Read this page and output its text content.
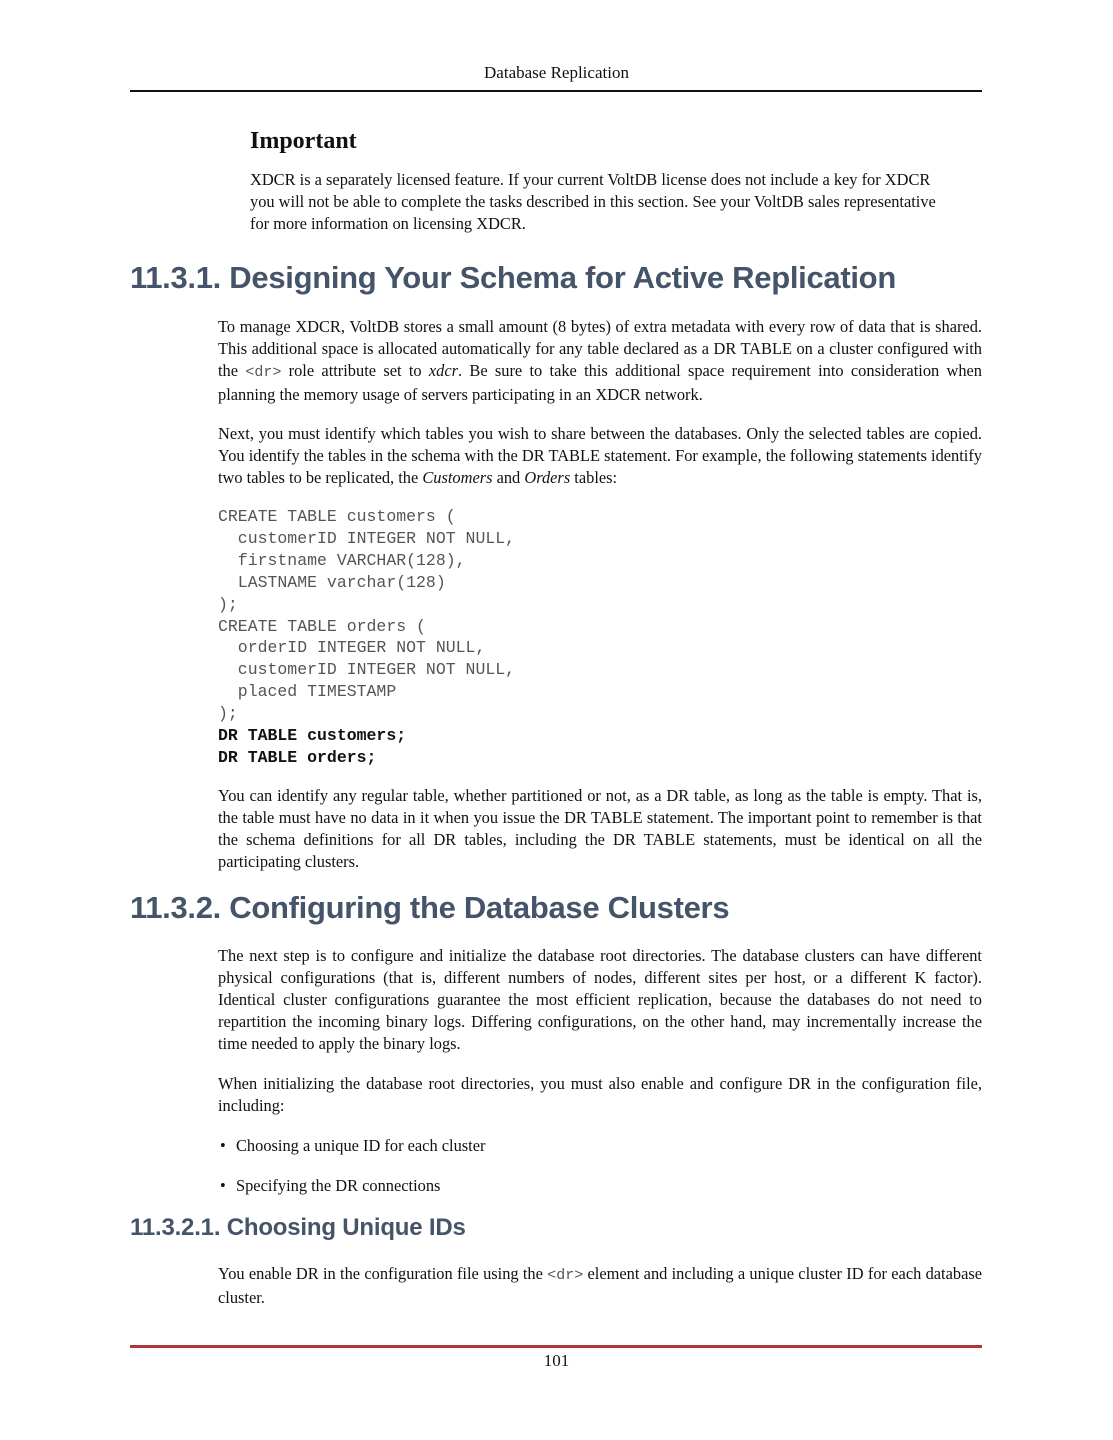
Database Replication
Important

XDCR is a separately licensed feature. If your current VoltDB license does not include a key for XDCR you will not be able to complete the tasks described in this section. See your VoltDB sales representative for more information on licensing XDCR.

11.3.1. Designing Your Schema for Active Replication

To manage XDCR, VoltDB stores a small amount (8 bytes) of extra metadata with every row of data that is shared. This additional space is allocated automatically for any table declared as a DR TABLE on a cluster configured with the <dr> role attribute set to xdcr. Be sure to take this additional space requirement into consideration when planning the memory usage of servers participating in an XDCR network.

Next, you must identify which tables you wish to share between the databases. Only the selected tables are copied. You identify the tables in the schema with the DR TABLE statement. For example, the following statements identify two tables to be replicated, the Customers and Orders tables:

CREATE TABLE customers (
customerID INTEGER NOT NULL,
firstname VARCHAR(128),
LASTNAME varchar(128)
);
CREATE TABLE orders (
orderID INTEGER NOT NULL,
customerID INTEGER NOT NULL,
placed TIMESTAMP
);
DR TABLE customers;
DR TABLE orders;
You can identify any regular table, whether partitioned or not, as a DR table, as long as the table is empty. That is, the table must have no data in it when you issue the DR TABLE statement. The important point to remember is that the schema definitions for all DR tables, including the DR TABLE statements, must be identical on all the participating clusters.
11.3.2. Configuring the Database Clusters

The next step is to configure and initialize the database root directories. The database clusters can have different physical configurations (that is, different numbers of nodes, different sites per host, or a different K factor). Identical cluster configurations guarantee the most efficient replication, because the databases do not need to repartition the incoming binary logs. Differing configurations, on the other hand, may incrementally increase the time needed to apply the binary logs.

When initializing the database root directories, you must also enable and configure DR in the configuration file, including:

• Choosing a unique ID for each cluster
• Specifying the DR connections
11.3.2.1. Choosing Unique IDs

You enable DR in the configuration file using the <dr> element and including a unique cluster ID for each database cluster.

101
